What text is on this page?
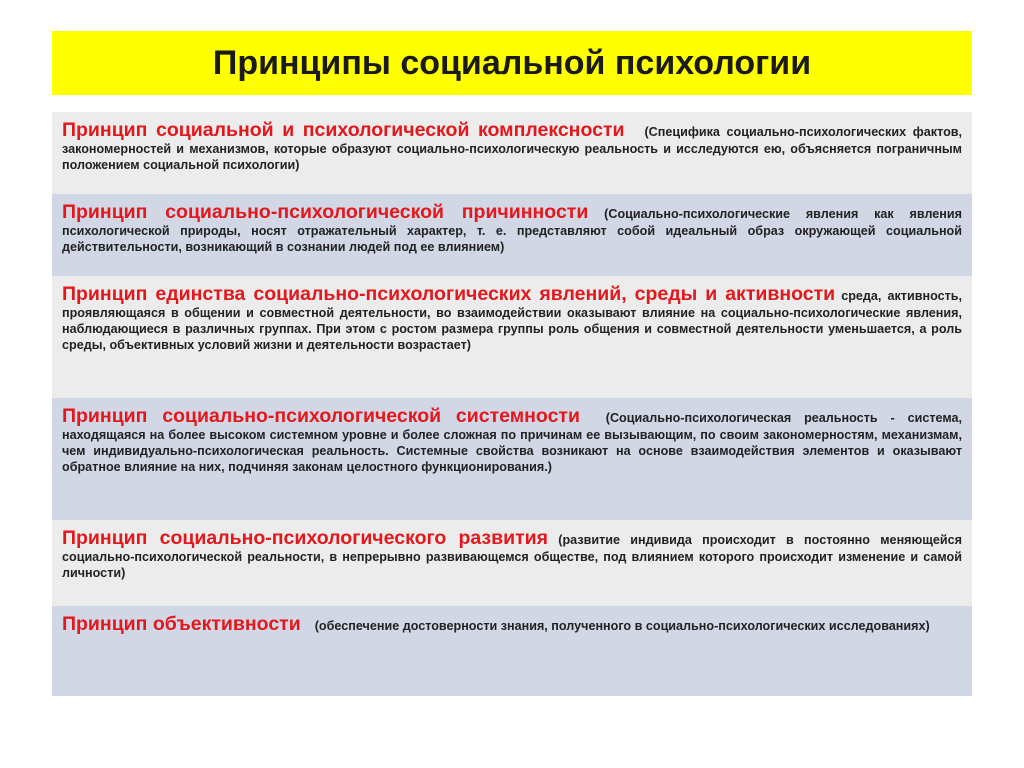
Принципы социальной психологии

Принцип социальной и психологической комплексности (Специфика социально-психологических фактов, закономерностей и механизмов, которые образуют социально-психологическую реальность и исследуются ею, объясняется пограничным положением социальной психологии)

Принцип социально-психологической причинности (Социально-психологические явления как явления психологической природы, носят отражательный характер, т. е. представляют собой идеальный образ окружающей социальной действительности, возникающий в сознании людей под ее влиянием)

Принцип единства социально-психологических явлений, среды и активности среда, активность, проявляющаяся в общении и совместной деятельности, во взаимодействии оказывают влияние на социально-психологические явления, наблюдающиеся в различных группах. При этом с ростом размера группы роль общения и совместной деятельности уменьшается, а роль среды, объективных условий жизни и деятельности возрастает)

Принцип социально-психологической системности (Социально-психологическая реальность - система, находящаяся на более высоком системном уровне и более сложная по причинам ее вызывающим, по своим закономерностям, механизмам, чем индивидуально-психологическая реальность. Системные свойства возникают на основе взаимодействия элементов и оказывают обратное влияние на них, подчиняя законам целостного функционирования.)

Принцип социально-психологического развития (развитие индивида происходит в постоянно меняющейся социально-психологической реальности, в непрерывно развивающемся обществе, под влиянием которого происходит изменение и самой личности)

Принцип объективности (обеспечение достоверности знания, полученного в социально-психологических исследованиях)
